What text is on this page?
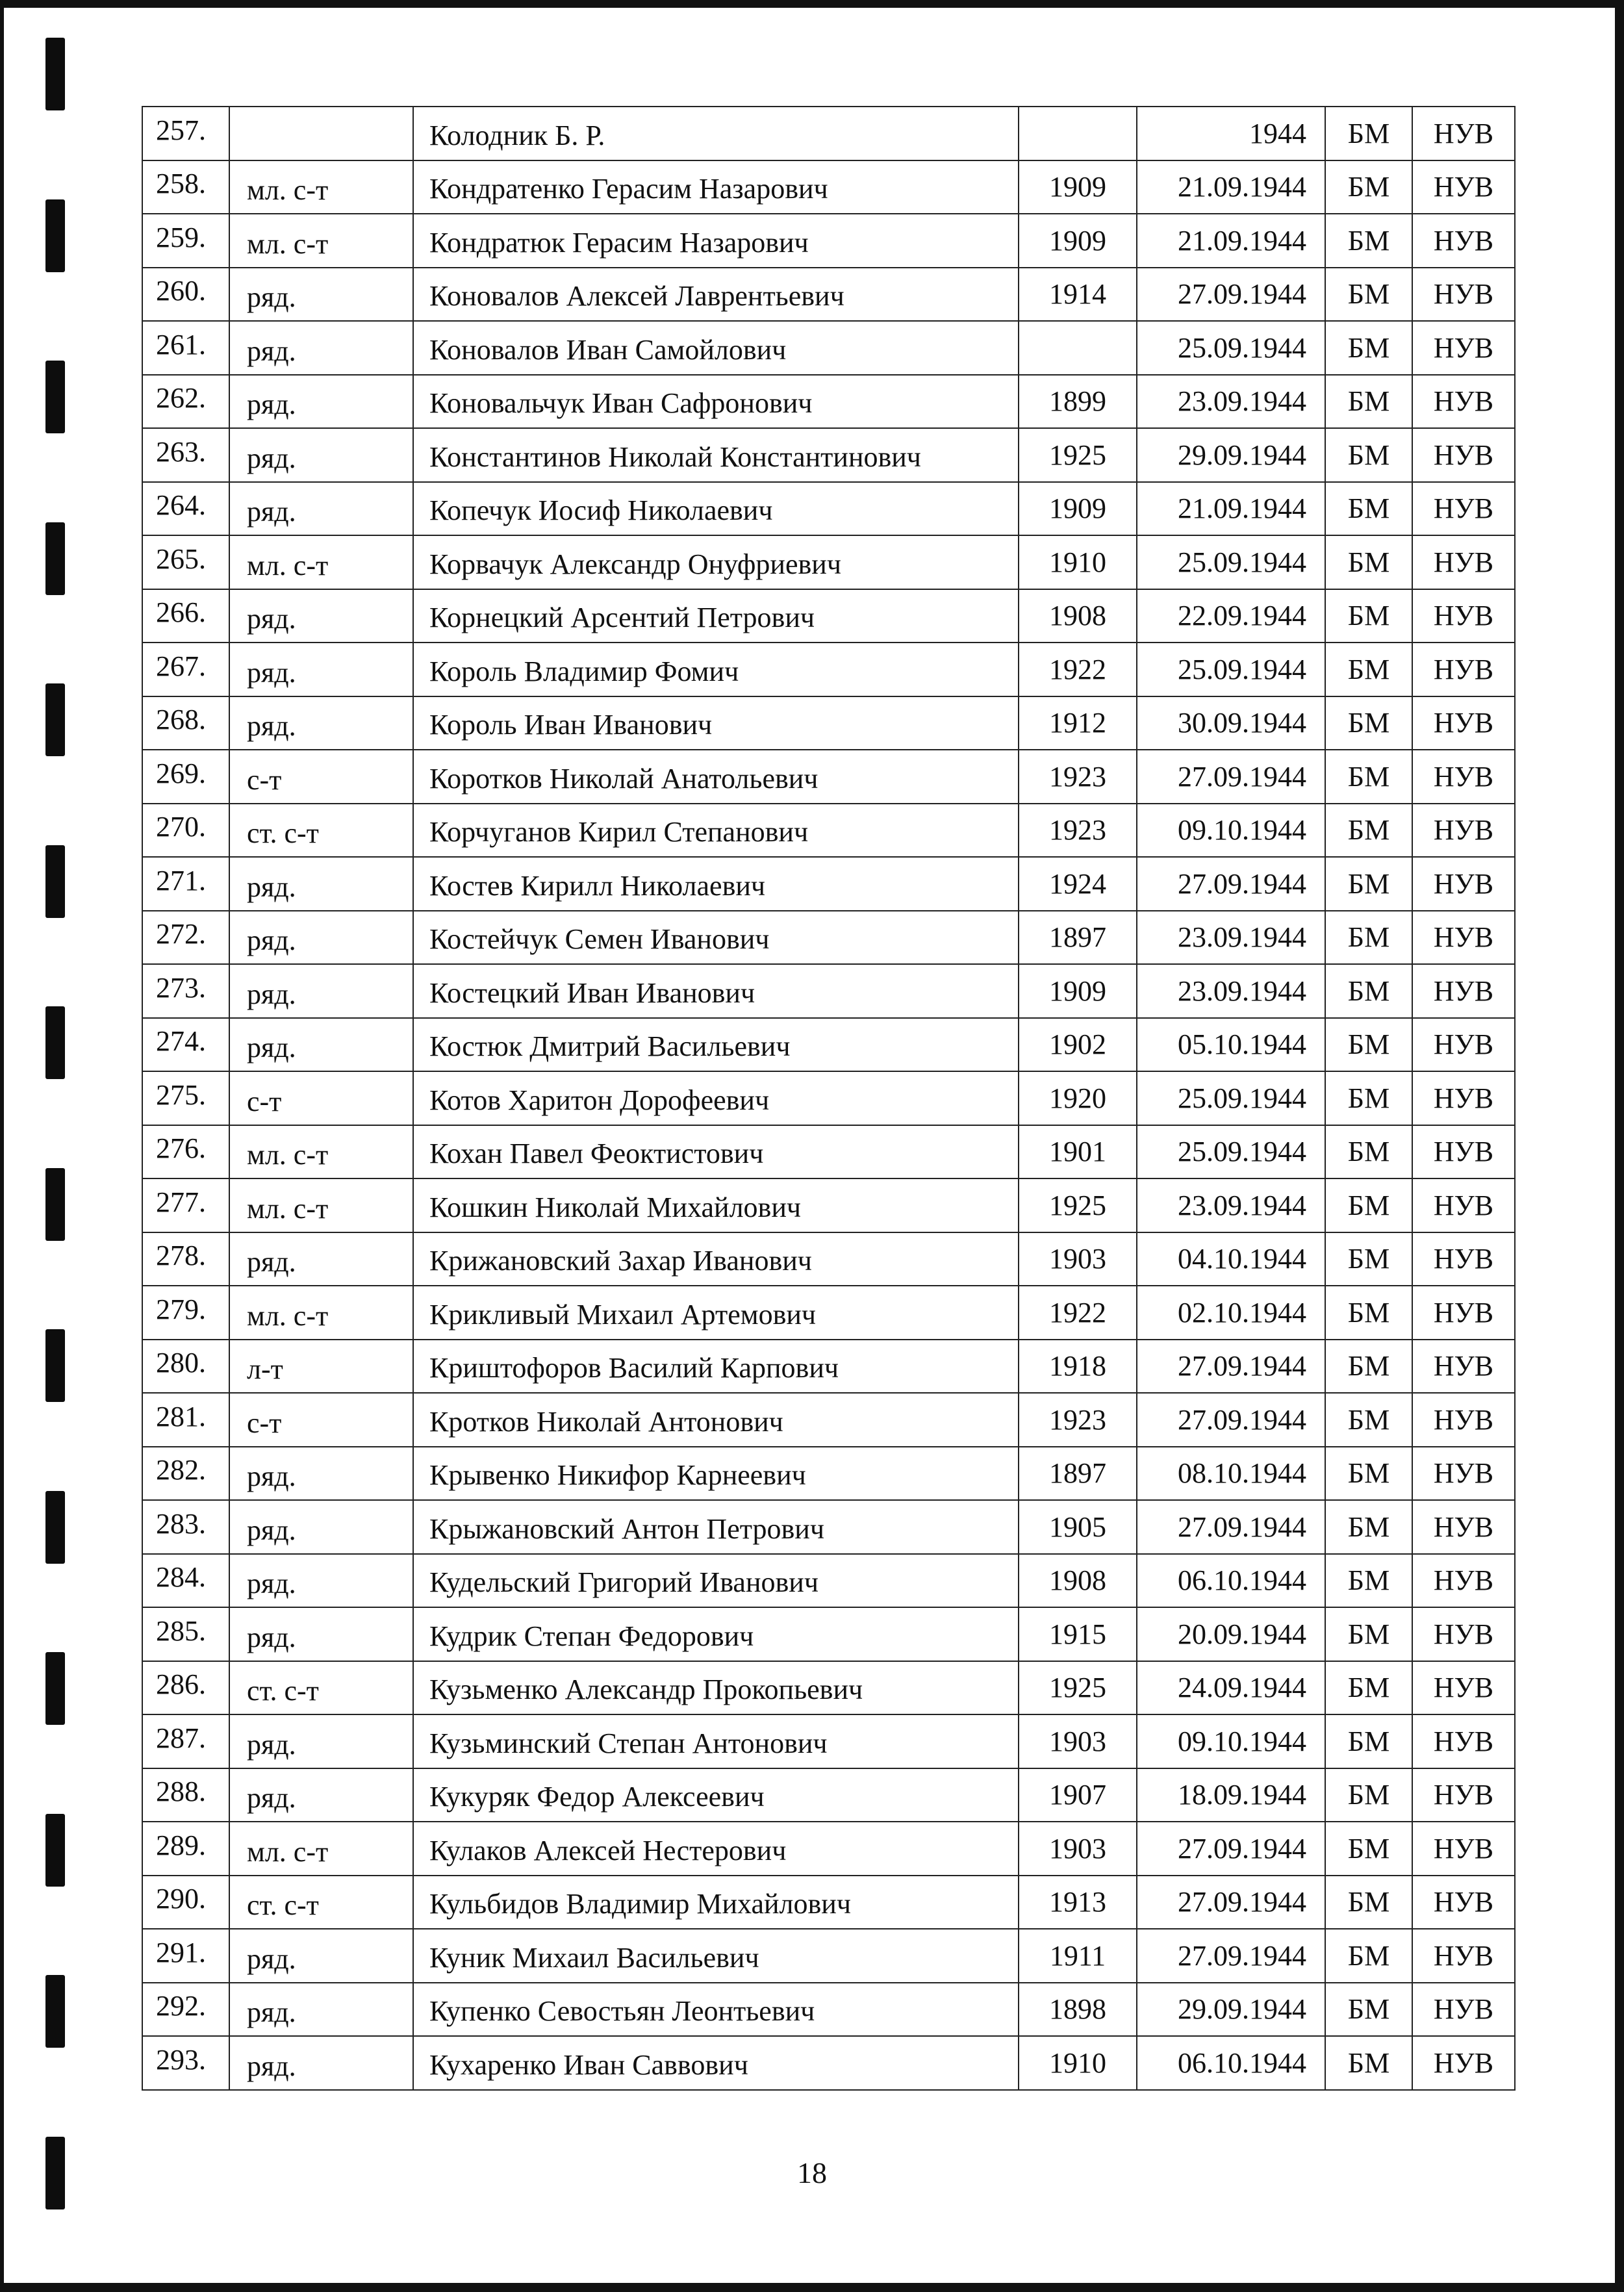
257.		Колодник Б. Р.		1944	БМ	НУВ
258.	мл. с-т	Кондратенко Герасим Назарович	1909	21.09.1944	БМ	НУВ
259.	мл. с-т	Кондратюк Герасим Назарович	1909	21.09.1944	БМ	НУВ
260.	ряд.	Коновалов Алексей Лаврентьевич	1914	27.09.1944	БМ	НУВ
261.	ряд.	Коновалов Иван Самойлович		25.09.1944	БМ	НУВ
262.	ряд.	Коновальчук Иван Сафронович	1899	23.09.1944	БМ	НУВ
263.	ряд.	Константинов Николай Константинович	1925	29.09.1944	БМ	НУВ
264.	ряд.	Копечук Иосиф Николаевич	1909	21.09.1944	БМ	НУВ
265.	мл. с-т	Корвачук Александр Онуфриевич	1910	25.09.1944	БМ	НУВ
266.	ряд.	Корнецкий Арсентий Петрович	1908	22.09.1944	БМ	НУВ
267.	ряд.	Король Владимир Фомич	1922	25.09.1944	БМ	НУВ
268.	ряд.	Король Иван Иванович	1912	30.09.1944	БМ	НУВ
269.	с-т	Коротков Николай Анатольевич	1923	27.09.1944	БМ	НУВ
270.	ст. с-т	Корчуганов Кирил Степанович	1923	09.10.1944	БМ	НУВ
271.	ряд.	Костев Кирилл Николаевич	1924	27.09.1944	БМ	НУВ
272.	ряд.	Костейчук Семен Иванович	1897	23.09.1944	БМ	НУВ
273.	ряд.	Костецкий Иван Иванович	1909	23.09.1944	БМ	НУВ
274.	ряд.	Костюк Дмитрий Васильевич	1902	05.10.1944	БМ	НУВ
275.	с-т	Котов Харитон Дорофеевич	1920	25.09.1944	БМ	НУВ
276.	мл. с-т	Кохан Павел Феоктистович	1901	25.09.1944	БМ	НУВ
277.	мл. с-т	Кошкин Николай Михайлович	1925	23.09.1944	БМ	НУВ
278.	ряд.	Крижановский Захар Иванович	1903	04.10.1944	БМ	НУВ
279.	мл. с-т	Крикливый Михаил Артемович	1922	02.10.1944	БМ	НУВ
280.	л-т	Криштофоров Василий Карпович	1918	27.09.1944	БМ	НУВ
281.	с-т	Кротков Николай Антонович	1923	27.09.1944	БМ	НУВ
282.	ряд.	Крывенко Никифор Карнеевич	1897	08.10.1944	БМ	НУВ
283.	ряд.	Крыжановский Антон Петрович	1905	27.09.1944	БМ	НУВ
284.	ряд.	Кудельский Григорий Иванович	1908	06.10.1944	БМ	НУВ
285.	ряд.	Кудрик Степан Федорович	1915	20.09.1944	БМ	НУВ
286.	ст. с-т	Кузьменко Александр Прокопьевич	1925	24.09.1944	БМ	НУВ
287.	ряд.	Кузьминский Степан Антонович	1903	09.10.1944	БМ	НУВ
288.	ряд.	Кукуряк Федор Алексеевич	1907	18.09.1944	БМ	НУВ
289.	мл. с-т	Кулаков Алексей Нестерович	1903	27.09.1944	БМ	НУВ
290.	ст. с-т	Кульбидов Владимир Михайлович	1913	27.09.1944	БМ	НУВ
291.	ряд.	Куник Михаил Васильевич	1911	27.09.1944	БМ	НУВ
292.	ряд.	Купенко Севостьян Леонтьевич	1898	29.09.1944	БМ	НУВ
293.	ряд.	Кухаренко Иван Саввович	1910	06.10.1944	БМ	НУВ
18
